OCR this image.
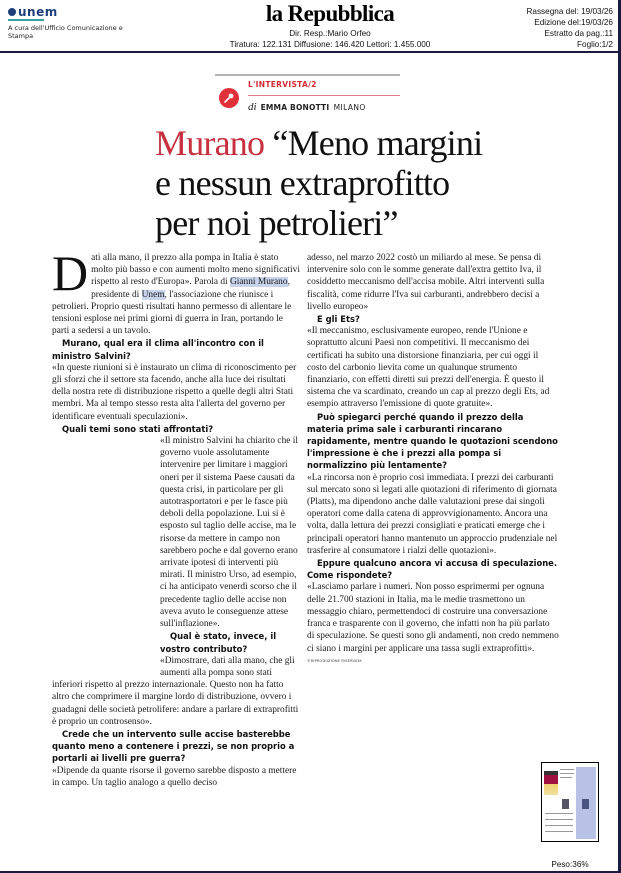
unem
A cura dell'Ufficio Comunicazione e Stampa
la Repubblica
Dir. Resp.:Mario Orfeo
Tiratura: 122.131 Diffusione: 146.420 Lettori: 1.455.000
Rassegna del: 19/03/26
Edizione del:19/03/26
Estratto da pag.:11
Foglio:1/2
L'INTERVISTA/2
di EMMA BONOTTI MILANO
Murano “Meno margini
e nessun extraprofitto
per noi petrolieri”

Dati alla mano, il prezzo alla pompa in Italia è stato molto più basso e con aumenti molto meno significativi rispetto al resto d'Europa». Parola di Gianni Murano, presidente di Unem, l'associazione che riunisce i petrolieri. Proprio questi risultati hanno permesso di allentare le tensioni esplose nei primi giorni di guerra in Iran, portando le parti a sedersi a un tavolo.

Murano, qual era il clima all'incontro con il ministro Salvini?

«In queste riunioni si è instaurato un clima di riconoscimento per gli sforzi che il settore sta facendo, anche alla luce dei risultati della nostra rete di distribuzione rispetto a quelle degli altri Stati membri. Ma al tempo stesso resta alta l'allerta del governo per identificare eventuali speculazioni».

Quali temi sono stati affrontati?

«Il ministro Salvini ha chiarito che il governo vuole assolutamente intervenire per limitare i maggiori oneri per il sistema Paese causati da questa crisi, in particolare per gli autotrasportatori e per le fasce più deboli della popolazione. Lui si è esposto sul taglio delle accise, ma le risorse da mettere in campo non sarebbero poche e dal governo erano arrivate ipotesi di interventi più mirati. Il ministro Urso, ad esempio, ci ha anticipato venerdì scorso che il precedente taglio delle accise non aveva avuto le conseguenze attese sull'inflazione».

Qual è stato, invece, il vostro contributo?

«Dimostrare, dati alla mano, che gli aumenti alla pompa sono stati

inferiori rispetto al prezzo internazionale. Questo non ha fatto altro che comprimere il margine lordo di distribuzione, ovvero i guadagni delle società petrolifere: andare a parlare di extraprofitti è proprio un controsenso».

Crede che un intervento sulle accise basterebbe quanto meno a contenere i prezzi, se non proprio a portarli ai livelli pre guerra?

«Dipende da quante risorse il governo sarebbe disposto a mettere in campo. Un taglio analogo a quello deciso

adesso, nel marzo 2022 costò un miliardo al mese. Se pensa di intervenire solo con le somme generate dall'extra gettito Iva, il cosiddetto meccanismo dell'accisa mobile. Altri interventi sulla fiscalità, come ridurre l'Iva sui carburanti, andrebbero decisi a livello europeo»

E gli Ets?

«Il meccanismo, esclusivamente europeo, rende l'Unione e soprattutto alcuni Paesi non competitivi. Il meccanismo dei certificati ha subito una distorsione finanziaria, per cui oggi il costo del carbonio lievita come un qualunque strumento finanziario, con effetti diretti sui prezzi dell'energia. È questo il sistema che va scardinato, creando un cap al prezzo degli Ets, ad esempio attraverso l'emissione di quote gratuite».

Può spiegarci perché quando il prezzo della materia prima sale i carburanti rincarano rapidamente, mentre quando le quotazioni scendono l'impressione è che i prezzi alla pompa si normalizzino più lentamente?

«La rincorsa non è proprio così immediata. I prezzi dei carburanti sul mercato sono sì legati alle quotazioni di riferimento di giornata (Platts), ma dipendono anche dalle valutazioni prese dai singoli operatori come dalla catena di approvvigionamento. Ancora una volta, dalla lettura dei prezzi consigliati e praticati emerge che i principali operatori hanno mantenuto un approccio prudenziale nel trasferire al consumatore i rialzi delle quotazioni».

Eppure qualcuno ancora vi accusa di speculazione. Come rispondete?

«Lasciamo parlare i numeri. Non posso esprimermi per ognuna delle 21.700 stazioni in Italia, ma le medie trasmettono un messaggio chiaro, permettendoci di costruire una conversazione franca e trasparente con il governo, che infatti non ha più parlato di speculazione. Se questi sono gli andamenti, non credo nemmeno ci siano i margini per applicare una tassa sugli extraprofitti». ©RIPRODUZIONE RISERVATA

Peso:36%
